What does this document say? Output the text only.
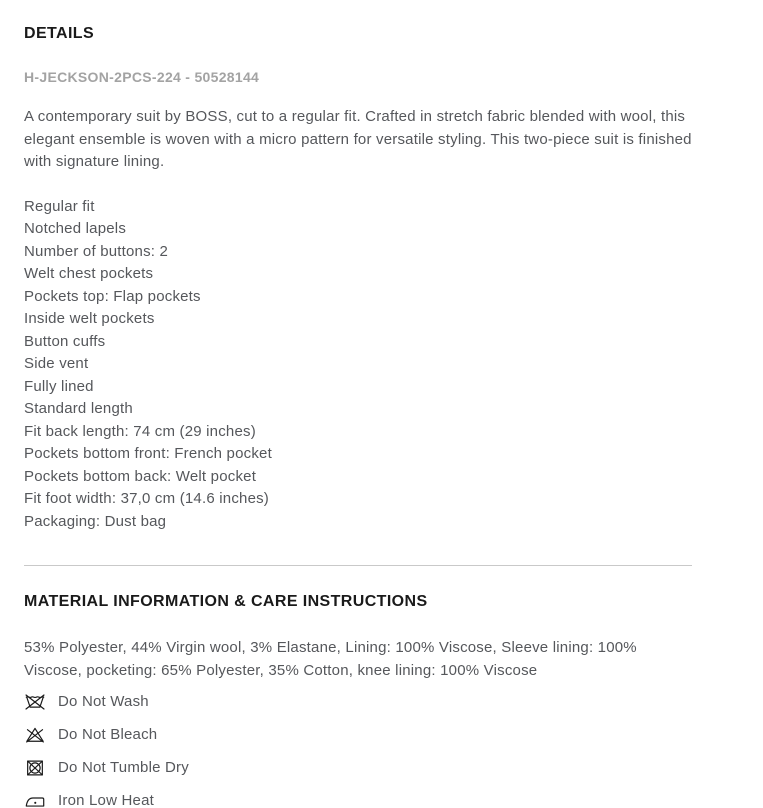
DETAILS
H-JECKSON-2PCS-224 - 50528144

A contemporary suit by BOSS, cut to a regular fit. Crafted in stretch fabric blended with wool, this elegant ensemble is woven with a micro pattern for versatile styling. This two-piece suit is finished with signature lining.

Regular fit
Notched lapels
Number of buttons: 2
Welt chest pockets
Pockets top: Flap pockets
Inside welt pockets
Button cuffs
Side vent
Fully lined
Standard length
Fit back length: 74 cm (29 inches)
Pockets bottom front: French pocket
Pockets bottom back: Welt pocket
Fit foot width: 37,0 cm (14.6 inches)
Packaging: Dust bag
MATERIAL INFORMATION & CARE INSTRUCTIONS

53% Polyester, 44% Virgin wool, 3% Elastane, Lining: 100% Viscose, Sleeve lining: 100% Viscose, pocketing: 65% Polyester, 35% Cotton, knee lining: 100% Viscose

Do Not Wash
Do Not Bleach
Do Not Tumble Dry
Iron Low Heat
